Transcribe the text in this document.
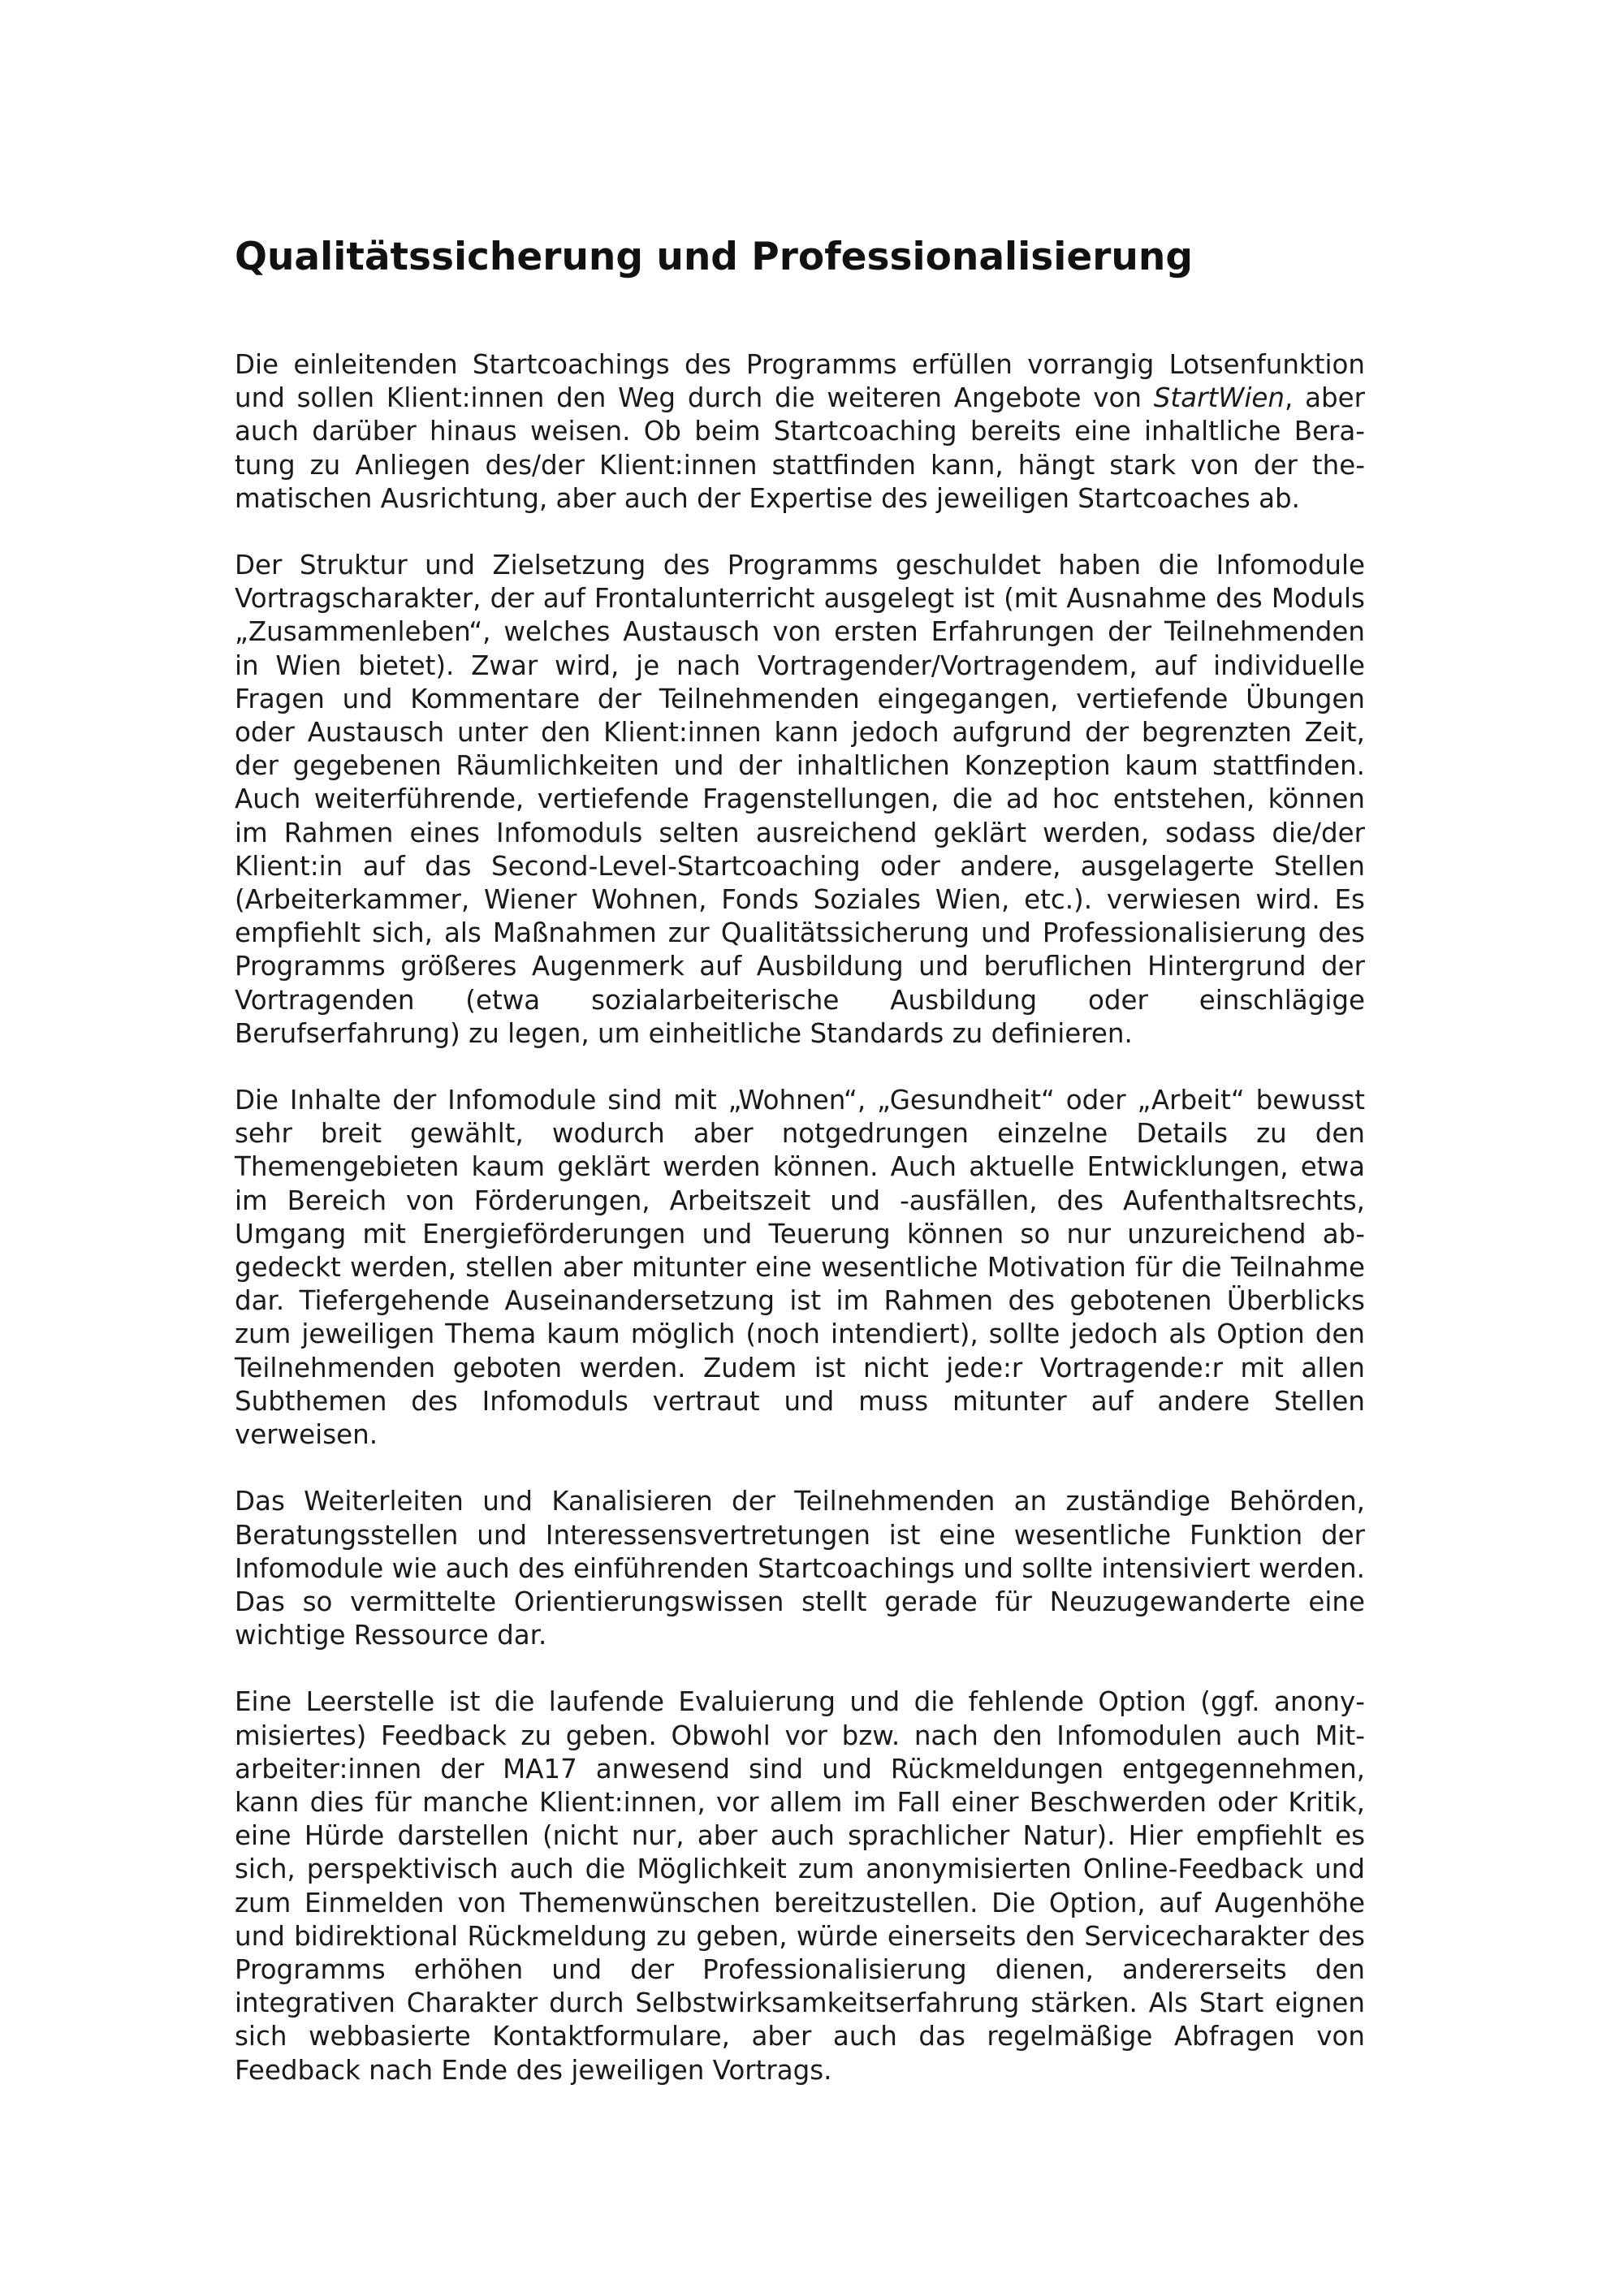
Qualitätssicherung und Professionalisierung

Die einleitenden Startcoachings des Programms erfüllen vorrangig Lotsenfunktion und sollen Klient:innen den Weg durch die weiteren Angebote von StartWien, aber auch darüber hinaus weisen. Ob beim Startcoaching bereits eine inhaltliche Beratung zu Anliegen des/der Klient:innen stattfinden kann, hängt stark von der thematischen Ausrichtung, aber auch der Expertise des jeweiligen Startcoaches ab.

Der Struktur und Zielsetzung des Programms geschuldet haben die Infomodule Vortragscharakter, der auf Frontalunterricht ausgelegt ist (mit Ausnahme des Moduls „Zusammenleben“, welches Austausch von ersten Erfahrungen der Teilnehmenden in Wien bietet). Zwar wird, je nach Vortragender/Vortragendem, auf individuelle Fragen und Kommentare der Teilnehmenden eingegangen, vertiefende Übungen oder Austausch unter den Klient:innen kann jedoch aufgrund der begrenzten Zeit, der gegebenen Räumlichkeiten und der inhaltlichen Konzeption kaum stattfinden. Auch weiterführende, vertiefende Fragenstellungen, die ad hoc entstehen, können im Rahmen eines Infomoduls selten ausreichend geklärt werden, sodass die/der Klient:in auf das Second-Level-Startcoaching oder andere, ausgelagerte Stellen (Arbeiterkammer, Wiener Wohnen, Fonds Soziales Wien, etc.). verwiesen wird. Es empfiehlt sich, als Maßnahmen zur Qualitätssicherung und Professionalisierung des Programms größeres Augenmerk auf Ausbildung und beruflichen Hintergrund der Vortragenden (etwa sozialarbeiterische Ausbildung oder einschlägige Berufserfahrung) zu legen, um einheitliche Standards zu definieren.

Die Inhalte der Infomodule sind mit „Wohnen“, „Gesundheit“ oder „Arbeit“ bewusst sehr breit gewählt, wodurch aber notgedrungen einzelne Details zu den Themengebieten kaum geklärt werden können. Auch aktuelle Entwicklungen, etwa im Bereich von Förderungen, Arbeitszeit und -ausfällen, des Aufenthaltsrechts, Umgang mit Energieförderungen und Teuerung können so nur unzureichend abgedeckt werden, stellen aber mitunter eine wesentliche Motivation für die Teilnahme dar. Tiefergehende Auseinandersetzung ist im Rahmen des gebotenen Überblicks zum jeweiligen Thema kaum möglich (noch intendiert), sollte jedoch als Option den Teilnehmenden geboten werden. Zudem ist nicht jede:r Vortragende:r mit allen Subthemen des Infomoduls vertraut und muss mitunter auf andere Stellen verweisen.

Das Weiterleiten und Kanalisieren der Teilnehmenden an zuständige Behörden, Beratungsstellen und Interessensvertretungen ist eine wesentliche Funktion der Infomodule wie auch des einführenden Startcoachings und sollte intensiviert werden. Das so vermittelte Orientierungswissen stellt gerade für Neuzugewanderte eine wichtige Ressource dar.

Eine Leerstelle ist die laufende Evaluierung und die fehlende Option (ggf. anonymisiertes) Feedback zu geben. Obwohl vor bzw. nach den Infomodulen auch Mitarbeiter:innen der MA17 anwesend sind und Rückmeldungen entgegennehmen, kann dies für manche Klient:innen, vor allem im Fall einer Beschwerden oder Kritik, eine Hürde darstellen (nicht nur, aber auch sprachlicher Natur). Hier empfiehlt es sich, perspektivisch auch die Möglichkeit zum anonymisierten Online-Feedback und zum Einmelden von Themenwünschen bereitzustellen. Die Option, auf Augenhöhe und bidirektional Rückmeldung zu geben, würde einerseits den Servicecharakter des Programms erhöhen und der Professionalisierung dienen, andererseits den integrativen Charakter durch Selbstwirksamkeitserfahrung stärken. Als Start eignen sich webbasierte Kontaktformulare, aber auch das regelmäßige Abfragen von Feedback nach Ende des jeweiligen Vortrags.
